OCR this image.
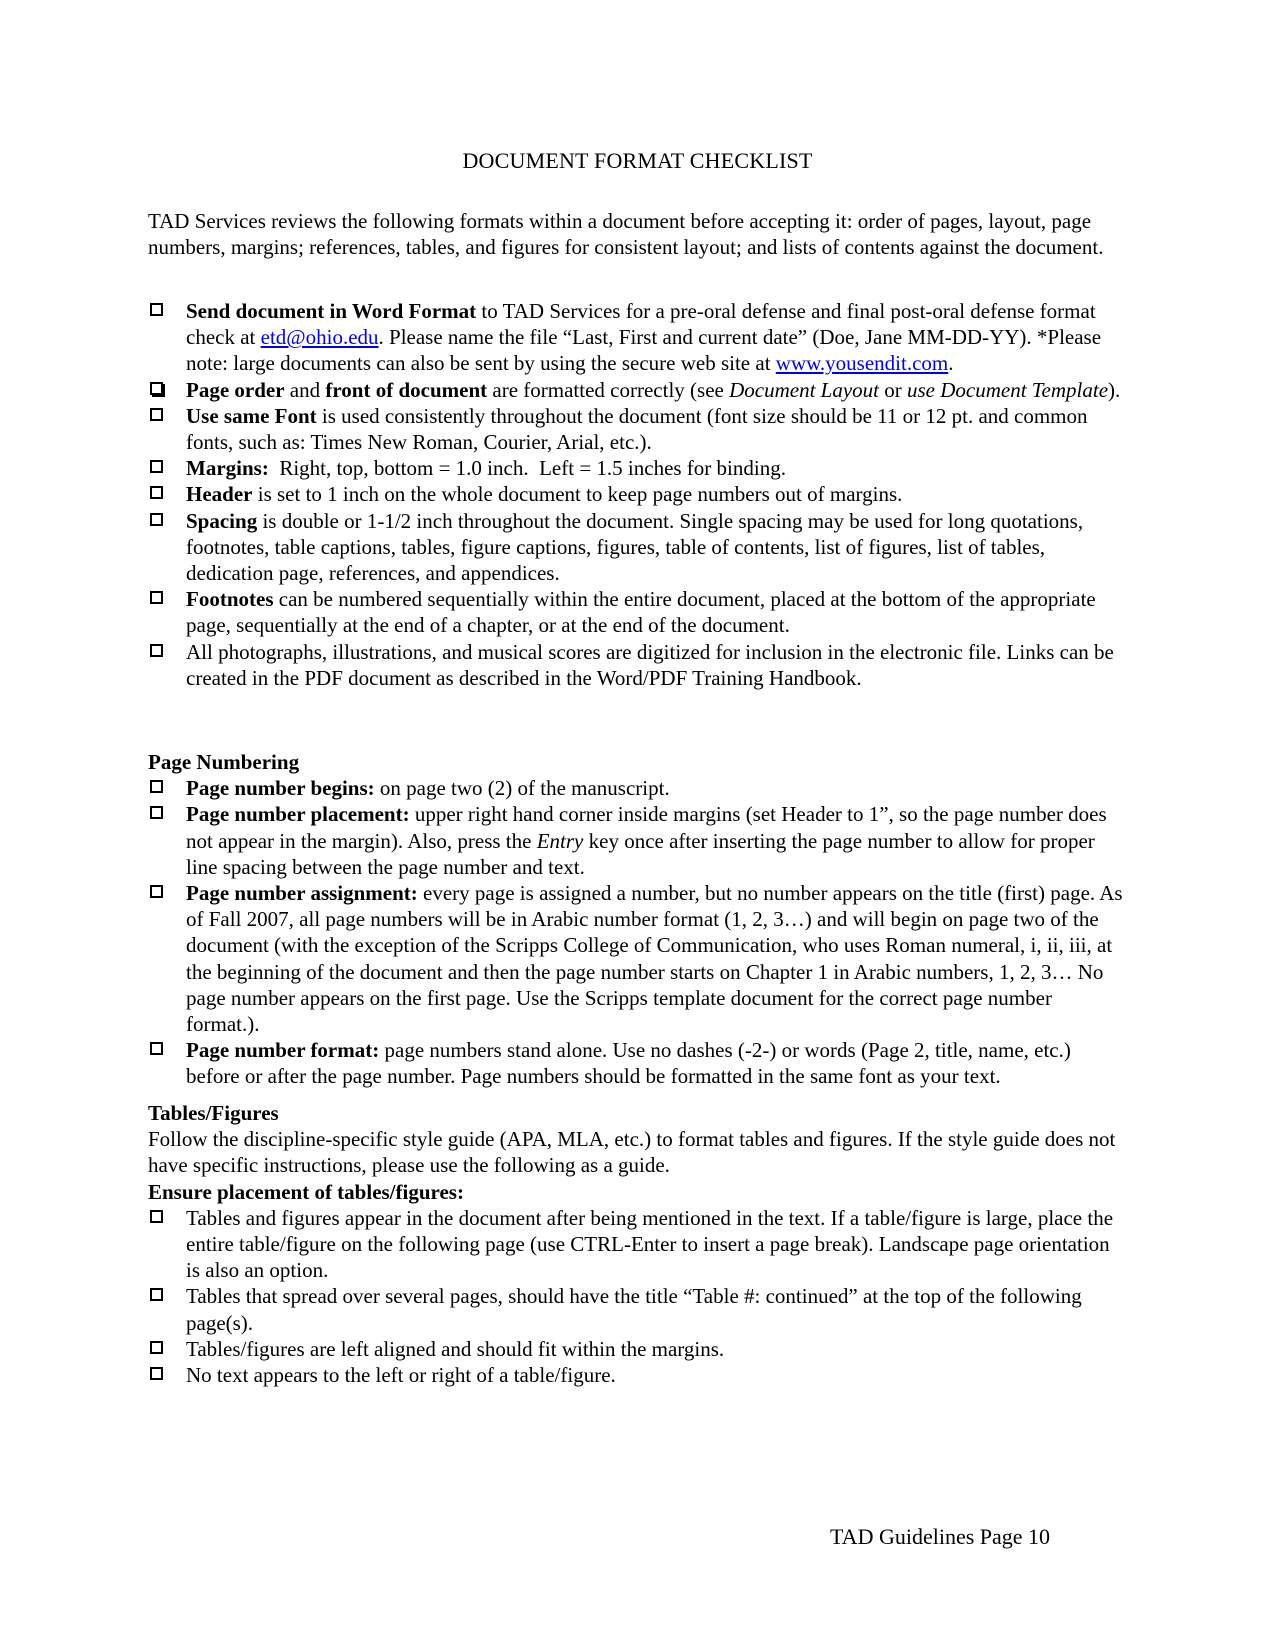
DOCUMENT FORMAT CHECKLIST
TAD Services reviews the following formats within a document before accepting it: order of pages, layout, page numbers, margins; references, tables, and figures for consistent layout; and lists of contents against the document.
Send document in Word Format to TAD Services for a pre-oral defense and final post-oral defense format check at etd@ohio.edu. Please name the file “Last, First and current date” (Doe, Jane MM-DD-YY). *Please note: large documents can also be sent by using the secure web site at www.yousendit.com.
Page order and front of document are formatted correctly (see Document Layout or use Document Template).
Use same Font is used consistently throughout the document (font size should be 11 or 12 pt. and common fonts, such as: Times New Roman, Courier, Arial, etc.).
Margins:  Right, top, bottom = 1.0 inch.  Left = 1.5 inches for binding.
Header is set to 1 inch on the whole document to keep page numbers out of margins.
Spacing is double or 1-1/2 inch throughout the document. Single spacing may be used for long quotations, footnotes, table captions, tables, figure captions, figures, table of contents, list of figures, list of tables, dedication page, references, and appendices.
Footnotes can be numbered sequentially within the entire document, placed at the bottom of the appropriate page, sequentially at the end of a chapter, or at the end of the document.
All photographs, illustrations, and musical scores are digitized for inclusion in the electronic file. Links can be created in the PDF document as described in the Word/PDF Training Handbook.
Page Numbering
Page number begins: on page two (2) of the manuscript.
Page number placement: upper right hand corner inside margins (set Header to 1”, so the page number does not appear in the margin). Also, press the Entry key once after inserting the page number to allow for proper line spacing between the page number and text.
Page number assignment: every page is assigned a number, but no number appears on the title (first) page. As of Fall 2007, all page numbers will be in Arabic number format (1, 2, 3…) and will begin on page two of the document (with the exception of the Scripps College of Communication, who uses Roman numeral, i, ii, iii, at the beginning of the document and then the page number starts on Chapter 1 in Arabic numbers, 1, 2, 3… No page number appears on the first page. Use the Scripps template document for the correct page number format.).
Page number format: page numbers stand alone. Use no dashes (-2-) or words (Page 2, title, name, etc.) before or after the page number. Page numbers should be formatted in the same font as your text.
Tables/Figures
Follow the discipline-specific style guide (APA, MLA, etc.) to format tables and figures. If the style guide does not have specific instructions, please use the following as a guide.
Ensure placement of tables/figures:
Tables and figures appear in the document after being mentioned in the text. If a table/figure is large, place the entire table/figure on the following page (use CTRL-Enter to insert a page break). Landscape page orientation is also an option.
Tables that spread over several pages, should have the title “Table #: continued” at the top of the following page(s).
Tables/figures are left aligned and should fit within the margins.
No text appears to the left or right of a table/figure.
TAD Guidelines Page 10
